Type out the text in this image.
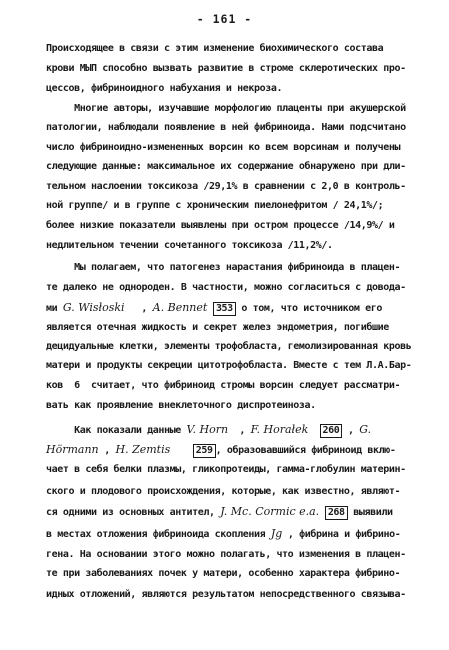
- 161 -
Происходящее в связи с этим изменение биохимического состава
крови МЫП способно вызвать развитие в строме склеротических про-
цессов, фибриноидного набухания и некроза.
Многие авторы, изучавшие морфологию плаценты при акушерской
патологии, наблюдали появление в ней фибриноида. Нами подсчитано
число фибриноидно-измененных ворсин ко всем ворсинам и получены
следующие данные: максимальное их содержание обнаружено при дли-
тельном наслоении токсикоза /29,1% в сравнении с 2,0 в контроль-
ной группе/ и в группе с хроническим пиелонефритом / 24,1%/;
более низкие показатели выявлены при остром процессе /14,9%/ и
недлительном течении сочетанного токсикоза /11,2%/.
Мы полагаем, что патогенез нарастания фибриноида в плацен-
те далеко не однороден. В частности, можно согласиться с довода-
ми G. Wisłoski   , A. Bennet 353 о том, что источником его
является отечная жидкость и секрет желез эндометрия, погибшие
децидуальные клетки, элементы трофобласта, гемолизированная кровь
матери и продукты секреции цитотрофобласта. Вместе с тем Л.А.Бар-
ков  6  считает, что фибриноид стромы ворсин следует рассматри-
вать как проявление внеклеточного диспротеиноза.
Как показали данные V. Horn  , F. Horałek 260 , G.
Hörmann , H. Zemtis	259 , образовавшийся фибриноид вклю-
чает в себя белки плазмы, гликопротеиды, гамма-глобулин материн-
ского и плодового происхождения, которые, как известно, являют-
ся одними из основных антител, J. Mc. Cormic e.a. 268 выявили
в местах отложения фибриноида скопления Jg , фибрина и фибрино-
гена. На основании этого можно полагать, что изменения в плацен-
те при заболеваниях почек у матери, особенно характера фибрино-
идных отложений, являются результатом непосредственного связыва-
